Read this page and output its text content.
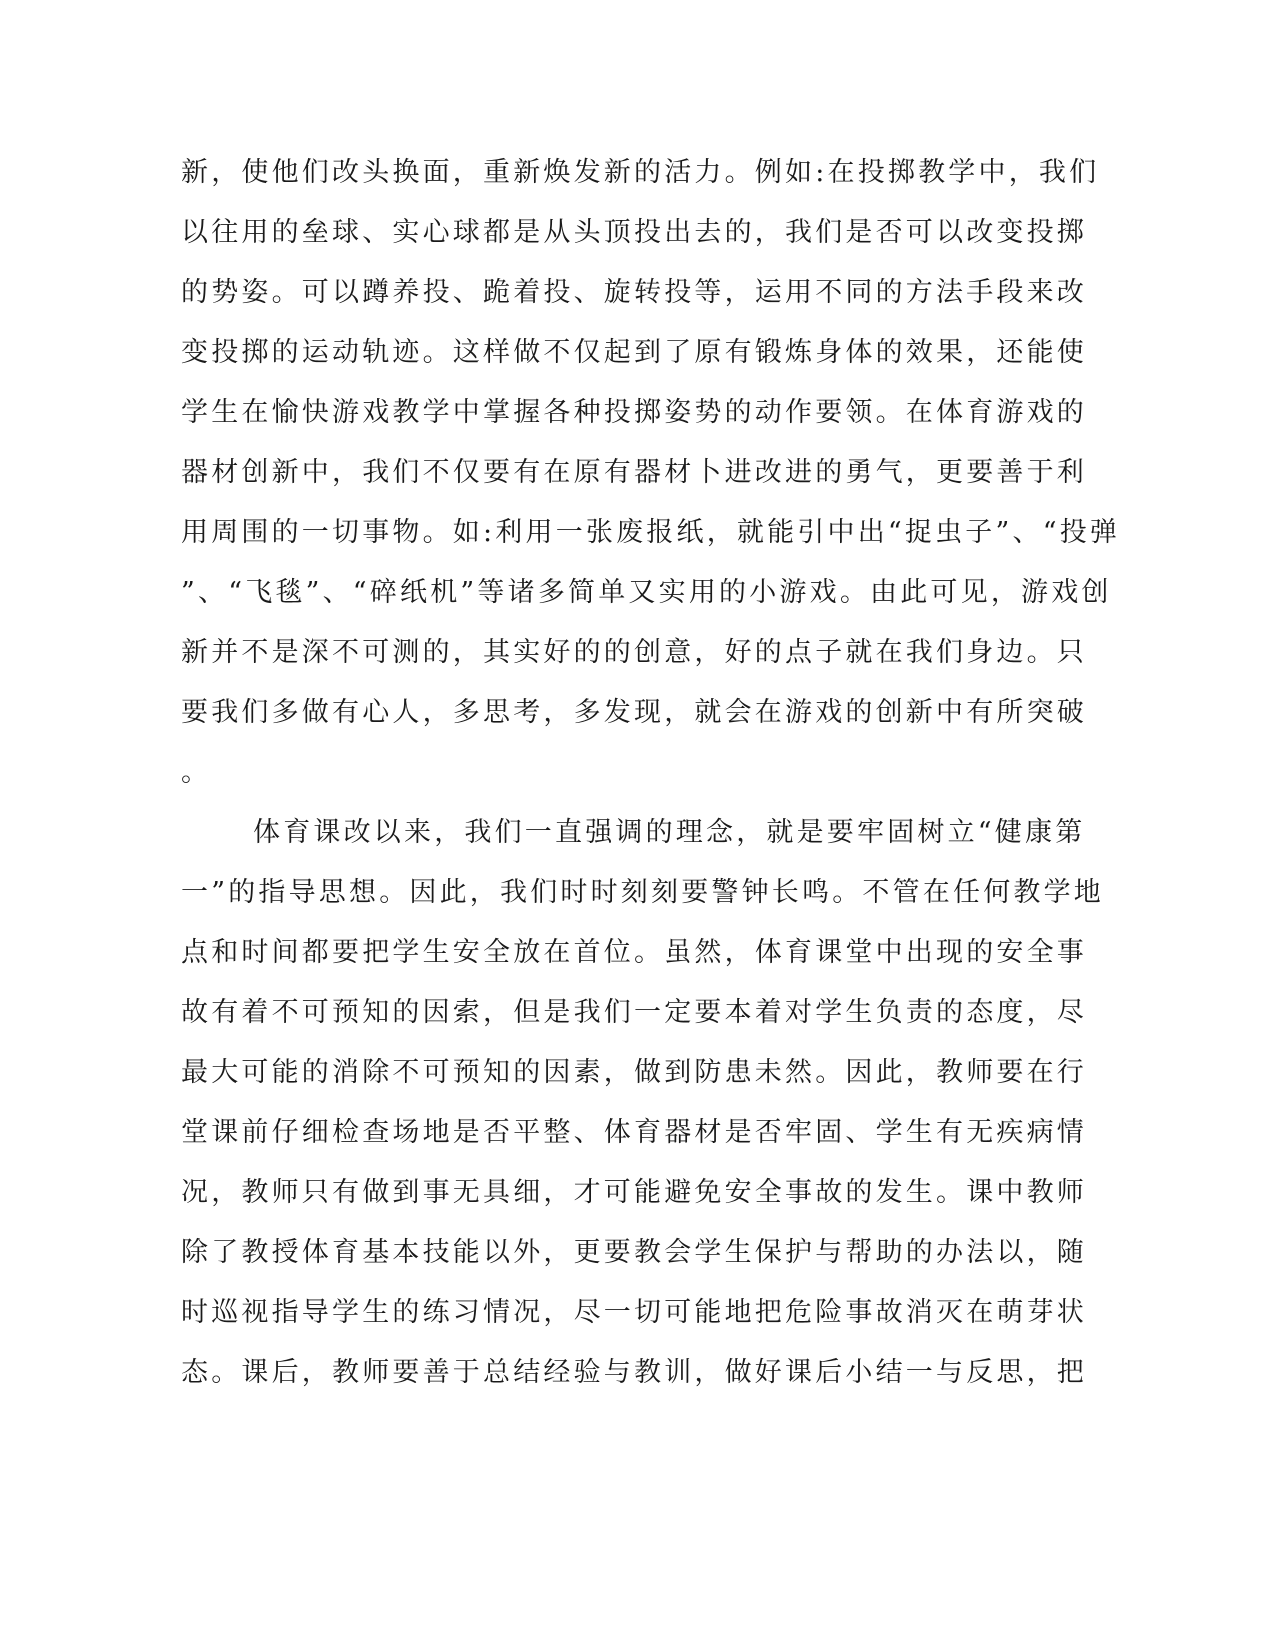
新，使他们改头换面，重新焕发新的活力。例如:在投掷教学中，我们
以往用的垒球、实心球都是从头顶投出去的，我们是否可以改变投掷
的势姿。可以蹲养投、跪着投、旋转投等，运用不同的方法手段来改
变投掷的运动轨迹。这样做不仅起到了原有锻炼身体的效果，还能使
学生在愉快游戏教学中掌握各种投掷姿势的动作要领。在体育游戏的
器材创新中，我们不仅要有在原有器材卜进改进的勇气，更要善于利
用周围的一切事物。如:利用一张废报纸，就能引中出“捉虫子”、“投弹
”、“飞毯”、“碎纸机”等诸多简单又实用的小游戏。由此可见，游戏创
新并不是深不可测的，其实好的的创意，好的点子就在我们身边。只
要我们多做有心人，多思考，多发现，就会在游戏的创新中有所突破
。
体育课改以来，我们一直强调的理念，就是要牢固树立“健康第
一”的指导思想。因此，我们时时刻刻要警钟长鸣。不管在任何教学地
点和时间都要把学生安全放在首位。虽然，体育课堂中出现的安全事
故有着不可预知的因索，但是我们一定要本着对学生负责的态度，尽
最大可能的消除不可预知的因素，做到防患未然。因此，教师要在行
堂课前仔细检查场地是否平整、体育器材是否牢固、学生有无疾病情
况，教师只有做到事无具细，才可能避免安全事故的发生。课中教师
除了教授体育基本技能以外，更要教会学生保护与帮助的办法以，随
时巡视指导学生的练习情况，尽一切可能地把危险事故消灭在萌芽状
态。课后，教师要善于总结经验与教训，做好课后小结一与反思，把
